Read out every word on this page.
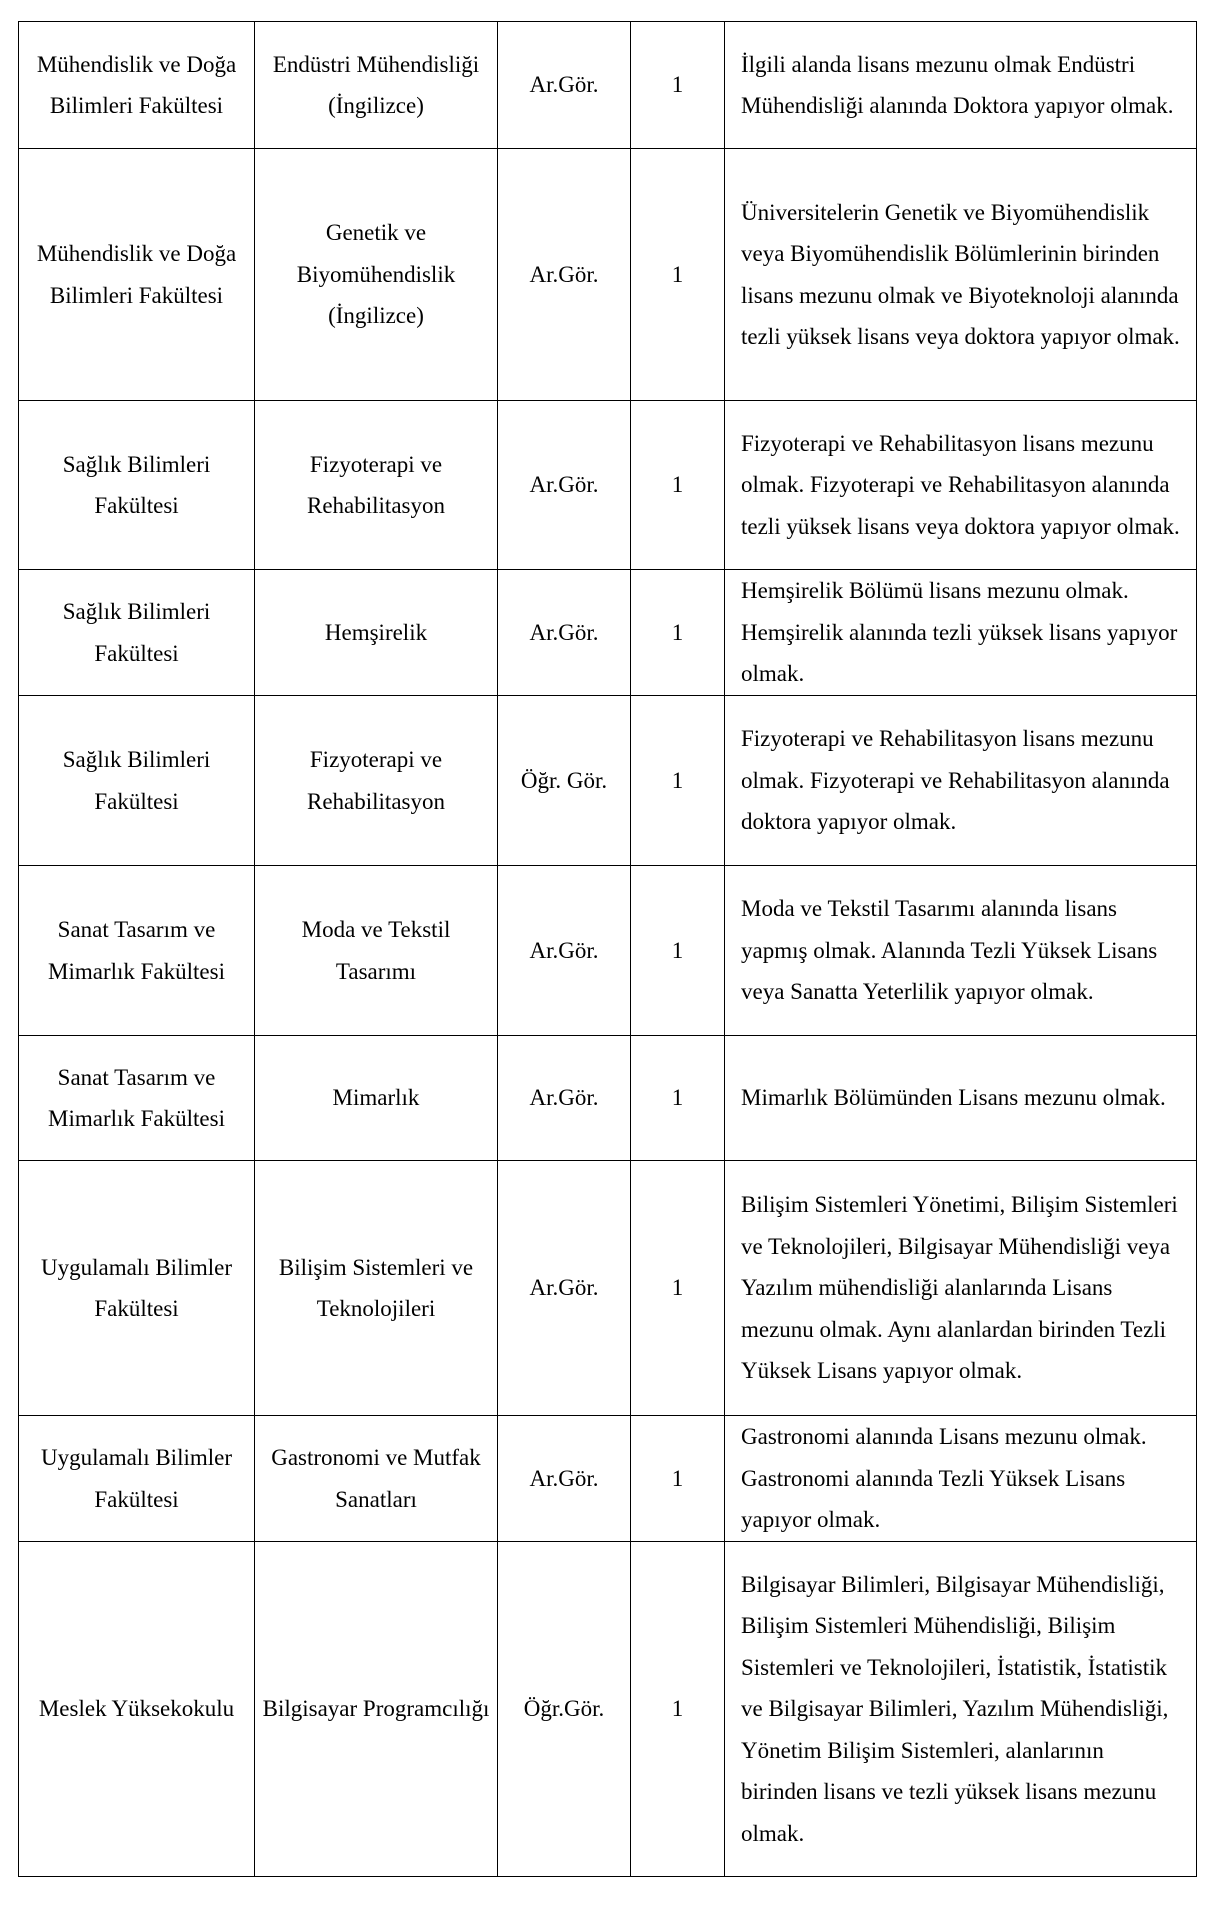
Mühendislik ve Doğa Bilimleri Fakültesi	Endüstri Mühendisliği (İngilizce)	Ar.Gör.	1	İlgili alanda lisans mezunu olmak Endüstri Mühendisliği alanında Doktora yapıyor olmak.
Mühendislik ve Doğa Bilimleri Fakültesi	Genetik ve Biyomühendislik (İngilizce)	Ar.Gör.	1	Üniversitelerin Genetik ve Biyomühendislik veya Biyomühendislik Bölümlerinin birinden lisans mezunu olmak ve Biyoteknoloji alanında tezli yüksek lisans veya doktora yapıyor olmak.
Sağlık Bilimleri Fakültesi	Fizyoterapi ve Rehabilitasyon	Ar.Gör.	1	Fizyoterapi ve Rehabilitasyon lisans mezunu olmak. Fizyoterapi ve Rehabilitasyon alanında tezli yüksek lisans veya doktora yapıyor olmak.
Sağlık Bilimleri Fakültesi	Hemşirelik	Ar.Gör.	1	Hemşirelik Bölümü lisans mezunu olmak. Hemşirelik alanında tezli yüksek lisans yapıyor olmak.
Sağlık Bilimleri Fakültesi	Fizyoterapi ve Rehabilitasyon	Öğr. Gör.	1	Fizyoterapi ve Rehabilitasyon lisans mezunu olmak. Fizyoterapi ve Rehabilitasyon alanında doktora yapıyor olmak.
Sanat Tasarım ve Mimarlık Fakültesi	Moda ve Tekstil Tasarımı	Ar.Gör.	1	Moda ve Tekstil Tasarımı alanında lisans yapmış olmak. Alanında Tezli Yüksek Lisans veya Sanatta Yeterlilik yapıyor olmak.
Sanat Tasarım ve Mimarlık Fakültesi	Mimarlık	Ar.Gör.	1	Mimarlık Bölümünden Lisans mezunu olmak.
Uygulamalı Bilimler Fakültesi	Bilişim Sistemleri ve Teknolojileri	Ar.Gör.	1	Bilişim Sistemleri Yönetimi, Bilişim Sistemleri ve Teknolojileri, Bilgisayar Mühendisliği veya Yazılım mühendisliği alanlarında Lisans mezunu olmak. Aynı alanlardan birinden Tezli Yüksek Lisans yapıyor olmak.
Uygulamalı Bilimler Fakültesi	Gastronomi ve Mutfak Sanatları	Ar.Gör.	1	Gastronomi alanında Lisans mezunu olmak. Gastronomi alanında Tezli Yüksek Lisans yapıyor olmak.
Meslek Yüksekokulu	Bilgisayar Programcılığı	Öğr.Gör.	1	Bilgisayar Bilimleri, Bilgisayar Mühendisliği, Bilişim Sistemleri Mühendisliği, Bilişim Sistemleri ve Teknolojileri, İstatistik, İstatistik ve Bilgisayar Bilimleri, Yazılım Mühendisliği, Yönetim Bilişim Sistemleri, alanlarının birinden lisans ve tezli yüksek lisans mezunu olmak.
